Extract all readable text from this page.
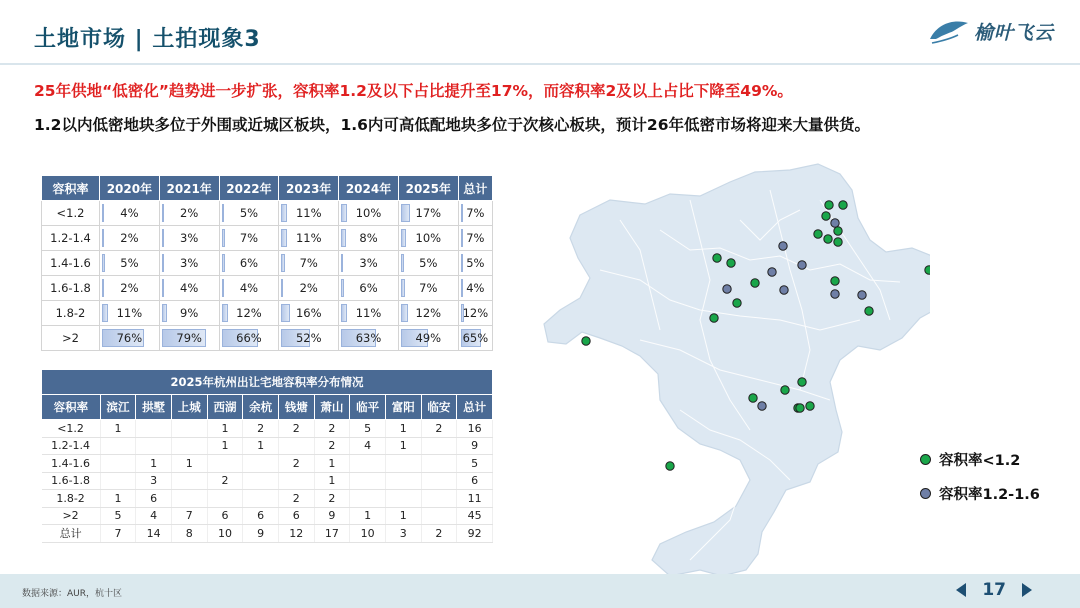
土地市场 | 土拍现象3	榆叶飞云
25年供地“低密化”趋势进一步扩张，容积率1.2及以下占比提升至17%，而容积率2及以上占比下降至49%。
1.2以内低密地块多位于外围或近城区板块，1.6内可高低配地块多位于次核心板块，预计26年低密市场将迎来大量供货。
容积率	2020年	2021年	2022年	2023年	2024年	2025年	总计
<1.2	4%	2%	5%	11%	10%	17%	7%
1.2-1.4	2%	3%	7%	11%	8%	10%	7%
1.4-1.6	5%	3%	6%	7%	3%	5%	5%
1.6-1.8	2%	4%	4%	2%	6%	7%	4%
1.8-2	11%	9%	12%	16%	11%	12%	12%
>2	76%	79%	66%	52%	63%	49%	65%
2025年杭州出让宅地容积率分布情况											
容积率	滨江	拱墅	上城	西湖	余杭	钱塘	萧山	临平	富阳	临安	总计
<1.2	1			1	2	2	2	5	1	2	16
1.2-1.4				1	1		2	4	1		9
1.4-1.6		1	1			2	1				5
1.6-1.8		3		2			1				6
1.8-2	1	6				2	2				11
>2	5	4	7	6	6	6	9	1	1		45
总计	7	14	8	10	9	12	17	10	3	2	92
容积率<1.2
容积率1.2-1.6
数据来源：AUR，杭十区	17
